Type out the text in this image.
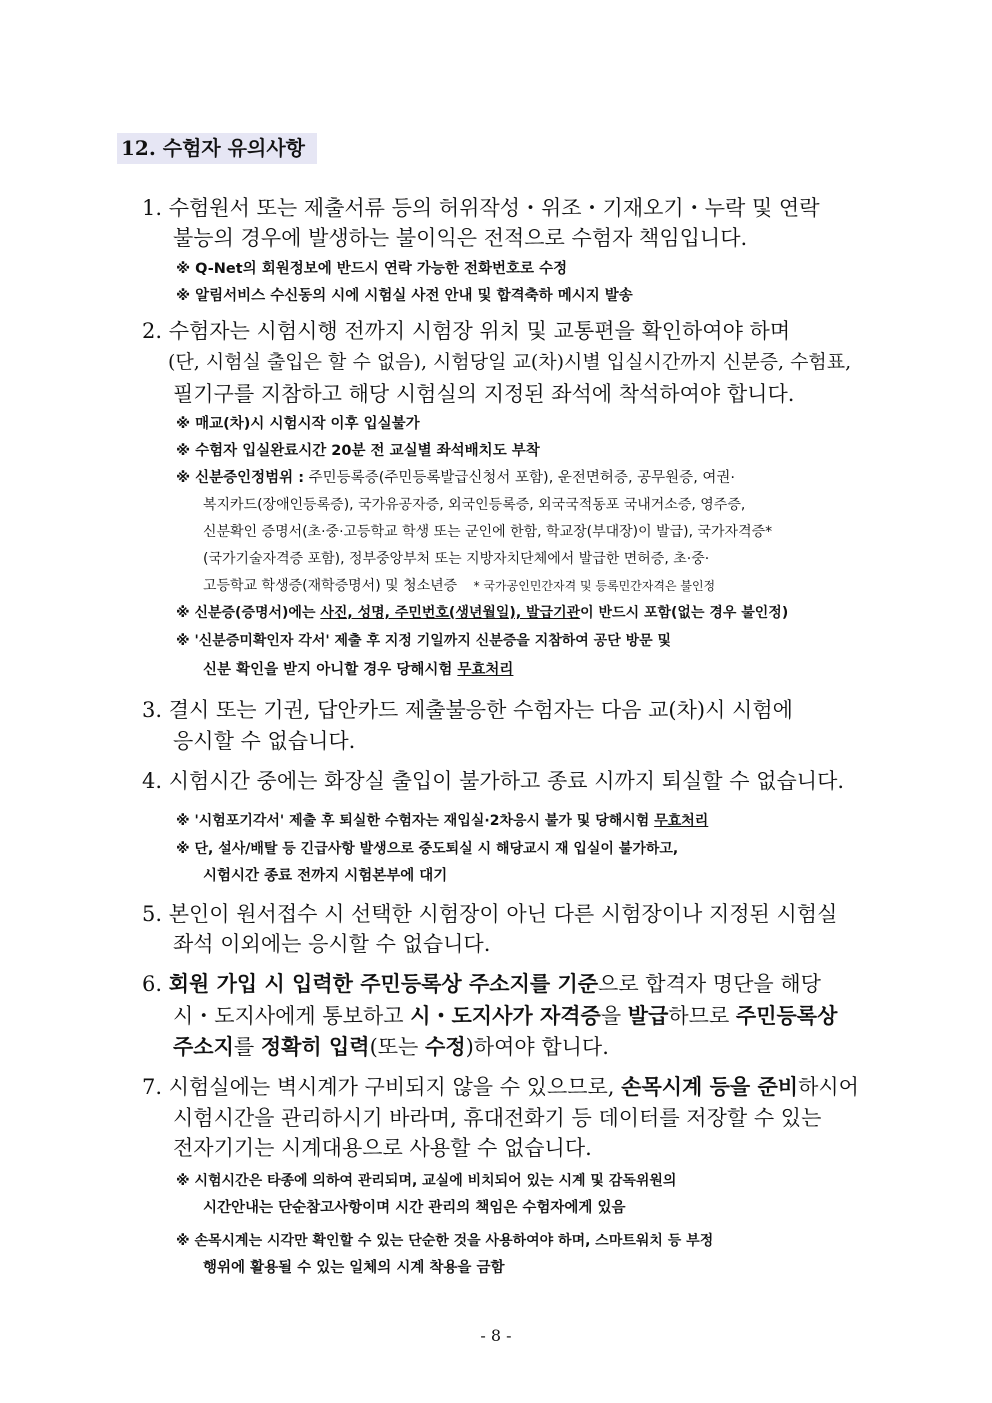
12. 수험자 유의사항
1. 수험원서 또는 제출서류 등의 허위작성・위조・기재오기・누락 및 연락
불능의 경우에 발생하는 불이익은 전적으로 수험자 책임입니다.
※ Q-Net의 회원정보에 반드시 연락 가능한 전화번호로 수정
※ 알림서비스 수신동의 시에 시험실 사전 안내 및 합격축하 메시지 발송
2. 수험자는 시험시행 전까지 시험장 위치 및 교통편을 확인하여야 하며
(단, 시험실 출입은 할 수 없음), 시험당일 교(차)시별 입실시간까지 신분증, 수험표,
필기구를 지참하고 해당 시험실의 지정된 좌석에 착석하여야 합니다.
※ 매교(차)시 시험시작 이후 입실불가
※ 수험자 입실완료시간 20분 전 교실별 좌석배치도 부착
※ 신분증인정범위 : 주민등록증(주민등록발급신청서 포함), 운전면허증, 공무원증, 여권·
복지카드(장애인등록증), 국가유공자증, 외국인등록증, 외국국적동포 국내거소증, 영주증,
신분확인 증명서(초·중·고등학교 학생 또는 군인에 한함, 학교장(부대장)이 발급), 국가자격증*
(국가기술자격증 포함), 정부중앙부처 또는 지방자치단체에서 발급한 면허증, 초·중·
고등학교 학생증(재학증명서) 및 청소년증 * 국가공인민간자격 및 등록민간자격은 불인정
※ 신분증(증명서)에는 사진, 성명, 주민번호(생년월일), 발급기관이 반드시 포함(없는 경우 불인정)
※ '신분증미확인자 각서' 제출 후 지정 기일까지 신분증을 지참하여 공단 방문 및
신분 확인을 받지 아니할 경우 당해시험 무효처리
3. 결시 또는 기권, 답안카드 제출불응한 수험자는 다음 교(차)시 시험에
응시할 수 없습니다.
4. 시험시간 중에는 화장실 출입이 불가하고 종료 시까지 퇴실할 수 없습니다.
※ '시험포기각서' 제출 후 퇴실한 수험자는 재입실·2차응시 불가 및 당해시험 무효처리
※ 단, 설사/배탈 등 긴급사항 발생으로 중도퇴실 시 해당교시 재 입실이 불가하고,
시험시간 종료 전까지 시험본부에 대기
5. 본인이 원서접수 시 선택한 시험장이 아닌 다른 시험장이나 지정된 시험실
좌석 이외에는 응시할 수 없습니다.
6. 회원 가입 시 입력한 주민등록상 주소지를 기준으로 합격자 명단을 해당
시・도지사에게 통보하고 시・도지사가 자격증을 발급하므로 주민등록상
주소지를 정확히 입력(또는 수정)하여야 합니다.
7. 시험실에는 벽시계가 구비되지 않을 수 있으므로, 손목시계 등을 준비하시어
시험시간을 관리하시기 바라며, 휴대전화기 등 데이터를 저장할 수 있는
전자기기는 시계대용으로 사용할 수 없습니다.
※ 시험시간은 타종에 의하여 관리되며, 교실에 비치되어 있는 시계 및 감독위원의
시간안내는 단순참고사항이며 시간 관리의 책임은 수험자에게 있음
※ 손목시계는 시각만 확인할 수 있는 단순한 것을 사용하여야 하며, 스마트워치 등 부정
행위에 활용될 수 있는 일체의 시계 착용을 금함
- 8 -
